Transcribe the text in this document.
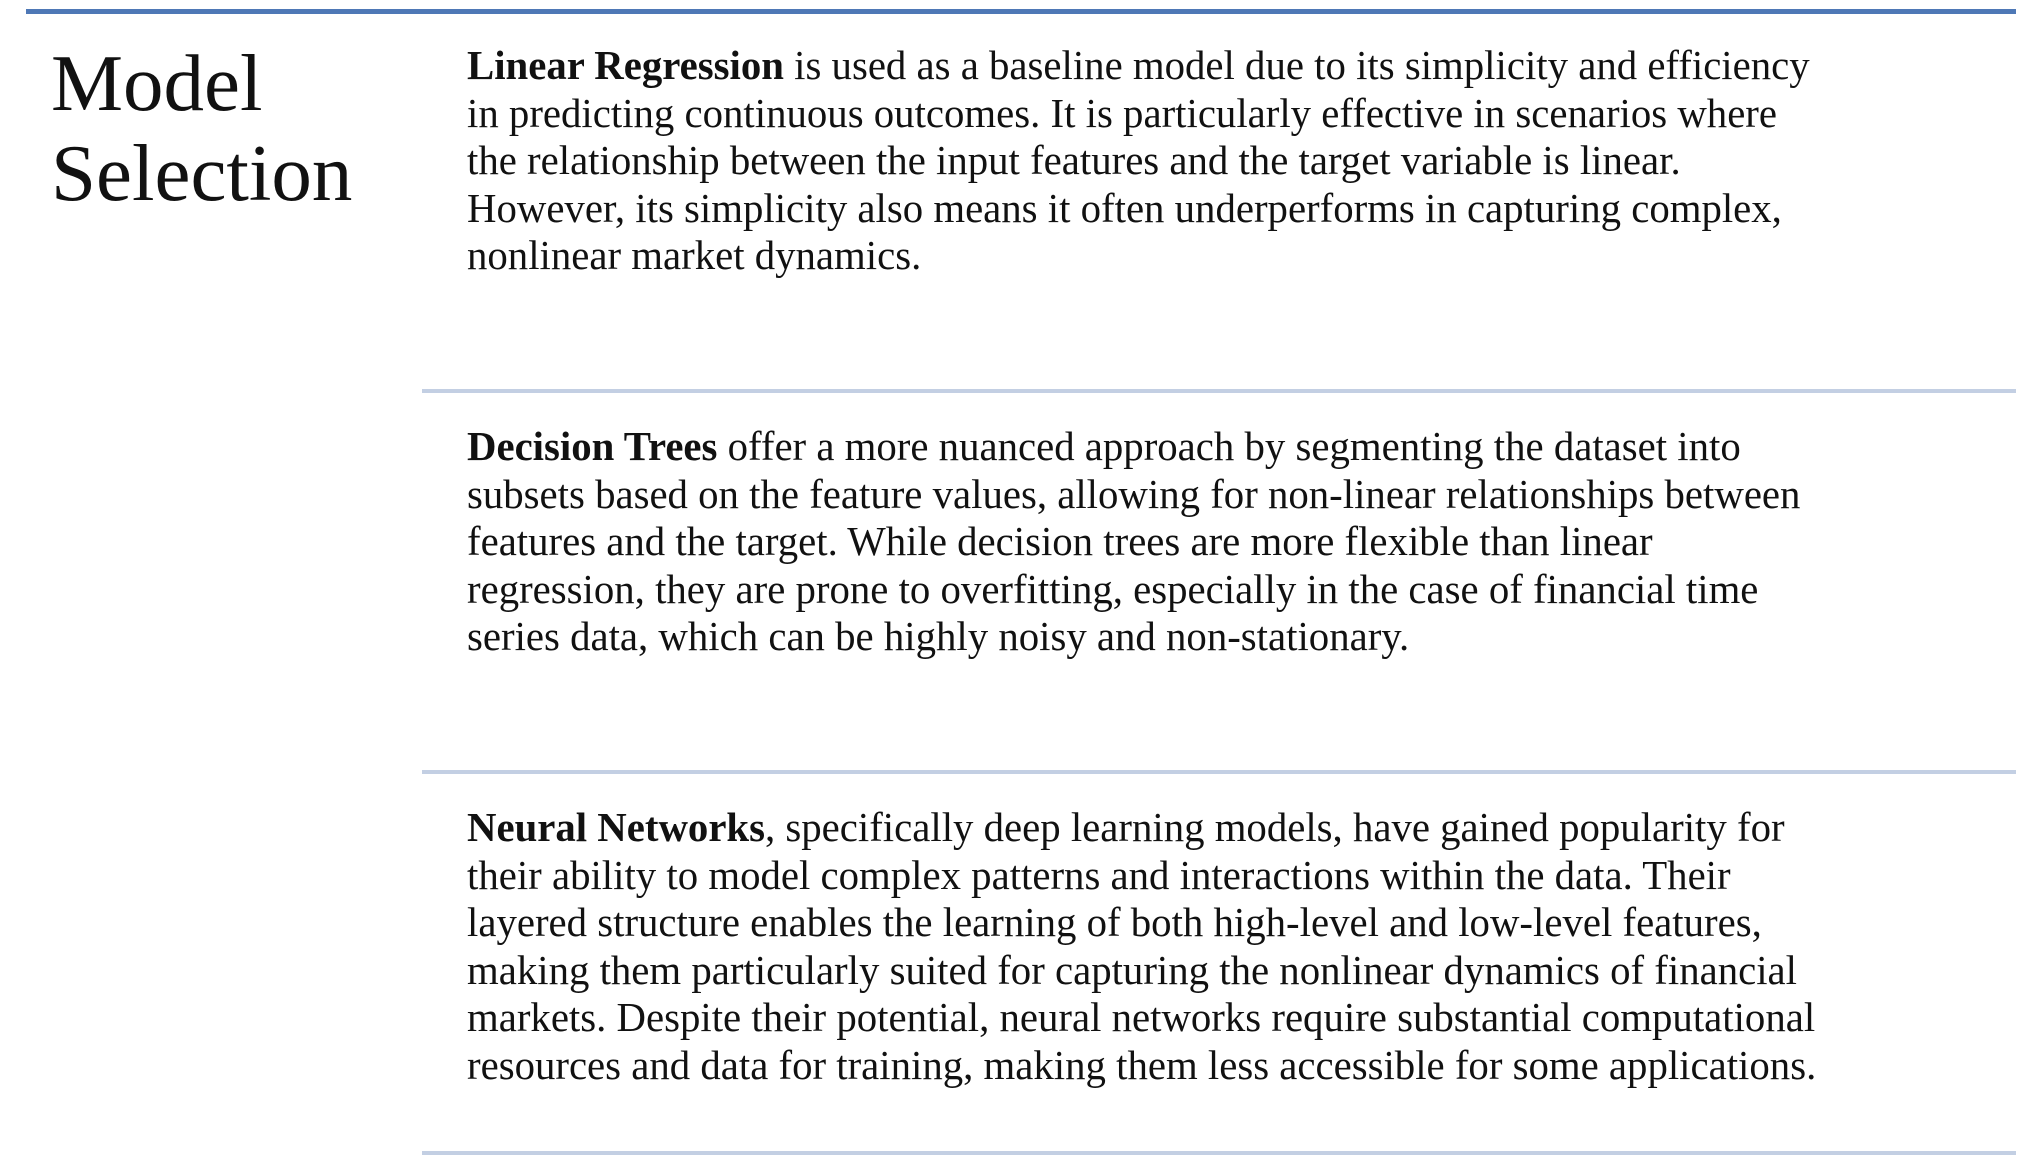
Model
Selection

Linear Regression is used as a baseline model due to its simplicity and efficiency
in predicting continuous outcomes. It is particularly effective in scenarios where
the relationship between the input features and the target variable is linear.
However, its simplicity also means it often underperforms in capturing complex,
nonlinear market dynamics.

Decision Trees offer a more nuanced approach by segmenting the dataset into
subsets based on the feature values, allowing for non-linear relationships between
features and the target. While decision trees are more flexible than linear
regression, they are prone to overfitting, especially in the case of financial time
series data, which can be highly noisy and non-stationary.

Neural Networks, specifically deep learning models, have gained popularity for
their ability to model complex patterns and interactions within the data. Their
layered structure enables the learning of both high-level and low-level features,
making them particularly suited for capturing the nonlinear dynamics of financial
markets. Despite their potential, neural networks require substantial computational
resources and data for training, making them less accessible for some applications.
